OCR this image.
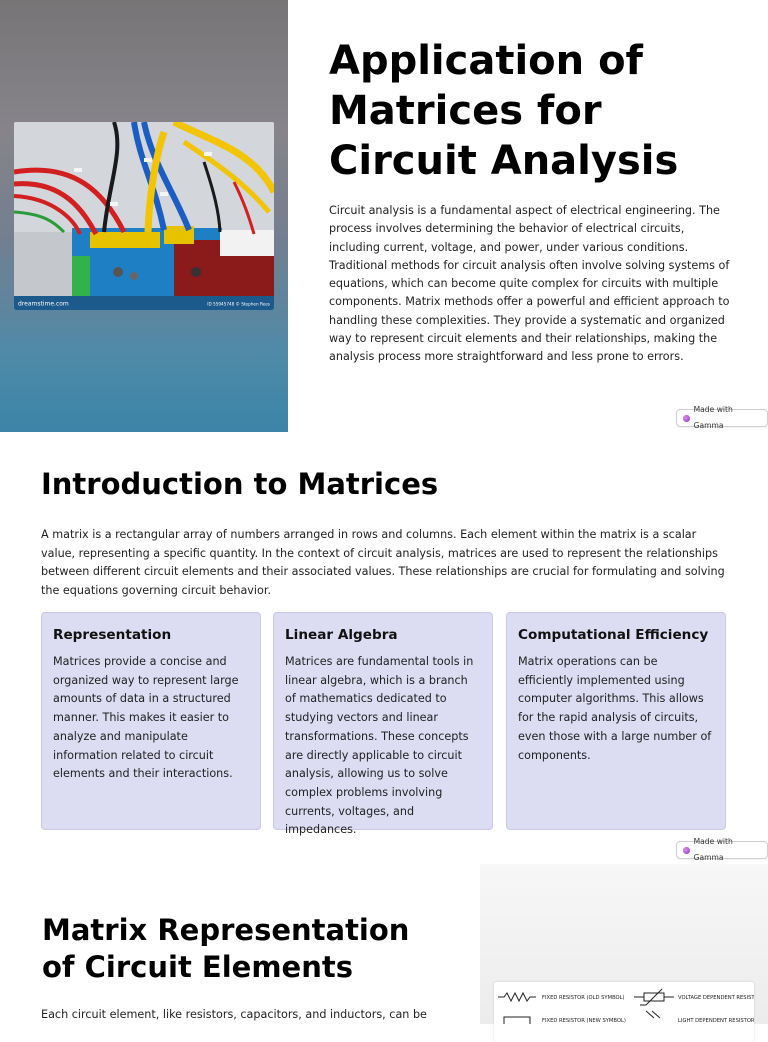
dreamstime.com	ID 55945748 © Stephen Rees
Application of Matrices for Circuit Analysis

Circuit analysis is a fundamental aspect of electrical engineering. The process involves determining the behavior of electrical circuits, including current, voltage, and power, under various conditions. Traditional methods for circuit analysis often involve solving systems of equations, which can become quite complex for circuits with multiple components. Matrix methods offer a powerful and efficient approach to handling these complexities. They provide a systematic and organized way to represent circuit elements and their relationships, making the analysis process more straightforward and less prone to errors.

Made with Gamma
Introduction to Matrices

A matrix is a rectangular array of numbers arranged in rows and columns. Each element within the matrix is a scalar value, representing a specific quantity. In the context of circuit analysis, matrices are used to represent the relationships between different circuit elements and their associated values. These relationships are crucial for formulating and solving the equations governing circuit behavior.

Representation

Matrices provide a concise and organized way to represent large amounts of data in a structured manner. This makes it easier to analyze and manipulate information related to circuit elements and their interactions.

Linear Algebra

Matrices are fundamental tools in linear algebra, which is a branch of mathematics dedicated to studying vectors and linear transformations. These concepts are directly applicable to circuit analysis, allowing us to solve complex problems involving currents, voltages, and impedances.

Computational Efficiency

Matrix operations can be efficiently implemented using computer algorithms. This allows for the rapid analysis of circuits, even those with a large number of components.

Made with Gamma
FIXED RESISTOR (OLD SYMBOL)	VOLTAGE DEPENDENT RESISTOR
FIXED RESISTOR (NEW SYMBOL)	LIGHT DEPENDENT RESISTOR
Matrix Representation of Circuit Elements

Each circuit element, like resistors, capacitors, and inductors, can be
